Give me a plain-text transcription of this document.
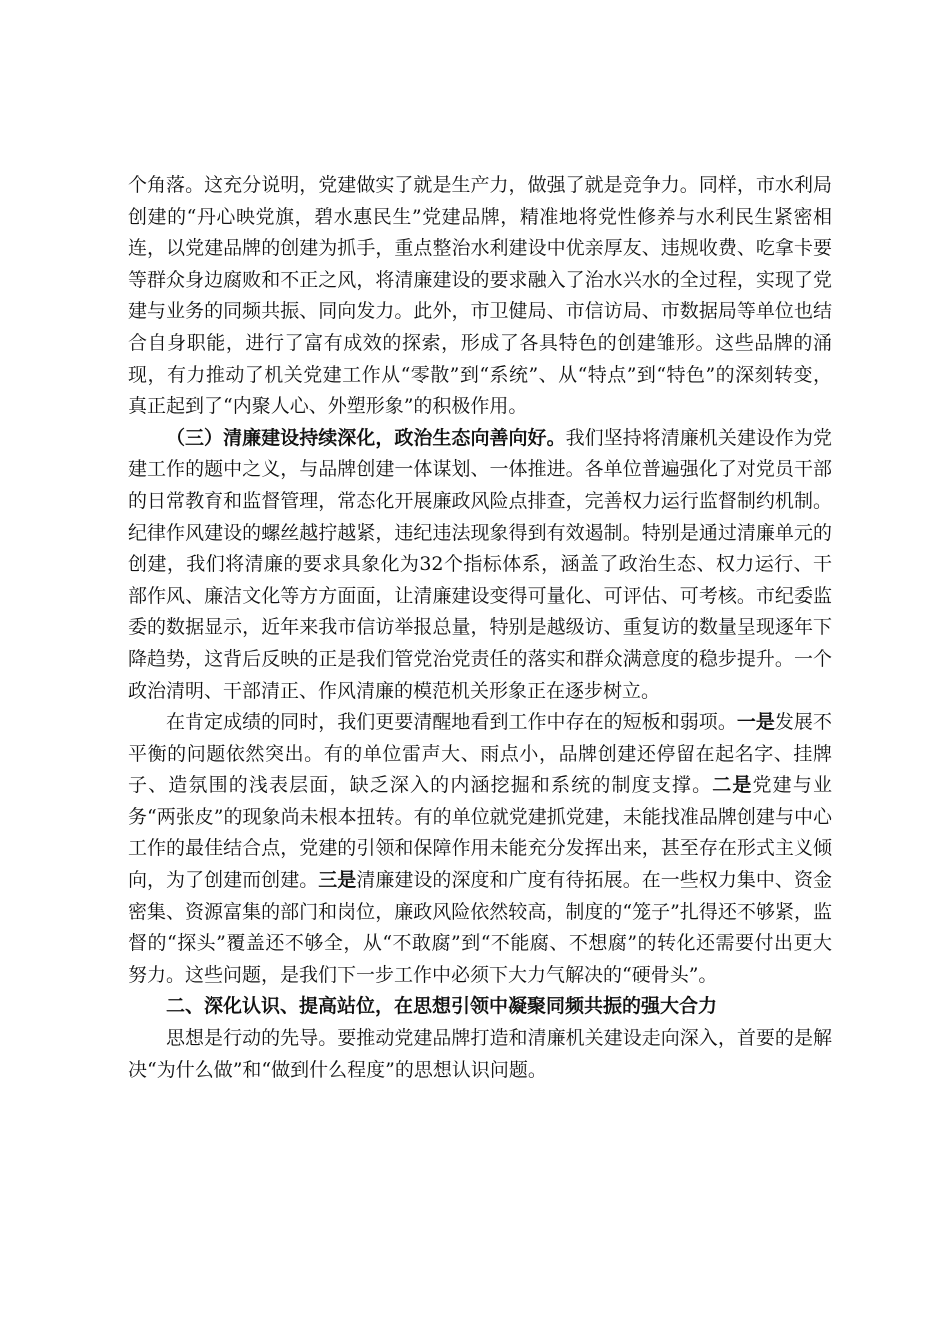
个角落。这充分说明，党建做实了就是生产力，做强了就是竞争力。同样，市水利局创建的“丹心映党旗，碧水惠民生”党建品牌，精准地将党性修养与水利民生紧密相连，以党建品牌的创建为抓手，重点整治水利建设中优亲厚友、违规收费、吃拿卡要等群众身边腐败和不正之风，将清廉建设的要求融入了治水兴水的全过程，实现了党建与业务的同频共振、同向发力。此外，市卫健局、市信访局、市数据局等单位也结合自身职能，进行了富有成效的探索，形成了各具特色的创建雏形。这些品牌的涌现，有力推动了机关党建工作从“零散”到“系统”、从“特点”到“特色”的深刻转变，真正起到了“内聚人心、外塑形象”的积极作用。

（三）清廉建设持续深化，政治生态向善向好。我们坚持将清廉机关建设作为党建工作的题中之义，与品牌创建一体谋划、一体推进。各单位普遍强化了对党员干部的日常教育和监督管理，常态化开展廉政风险点排查，完善权力运行监督制约机制。纪律作风建设的螺丝越拧越紧，违纪违法现象得到有效遏制。特别是通过清廉单元的创建，我们将清廉的要求具象化为32个指标体系，涵盖了政治生态、权力运行、干部作风、廉洁文化等方方面面，让清廉建设变得可量化、可评估、可考核。市纪委监委的数据显示，近年来我市信访举报总量，特别是越级访、重复访的数量呈现逐年下降趋势，这背后反映的正是我们管党治党责任的落实和群众满意度的稳步提升。一个政治清明、干部清正、作风清廉的模范机关形象正在逐步树立。

在肯定成绩的同时，我们更要清醒地看到工作中存在的短板和弱项。一是发展不平衡的问题依然突出。有的单位雷声大、雨点小，品牌创建还停留在起名字、挂牌子、造氛围的浅表层面，缺乏深入的内涵挖掘和系统的制度支撑。二是党建与业务“两张皮”的现象尚未根本扭转。有的单位就党建抓党建，未能找准品牌创建与中心工作的最佳结合点，党建的引领和保障作用未能充分发挥出来，甚至存在形式主义倾向，为了创建而创建。三是清廉建设的深度和广度有待拓展。在一些权力集中、资金密集、资源富集的部门和岗位，廉政风险依然较高，制度的“笼子”扎得还不够紧，监督的“探头”覆盖还不够全，从“不敢腐”到“不能腐、不想腐”的转化还需要付出更大努力。这些问题，是我们下一步工作中必须下大力气解决的“硬骨头”。

二、深化认识、提高站位，在思想引领中凝聚同频共振的强大合力

思想是行动的先导。要推动党建品牌打造和清廉机关建设走向深入，首要的是解决“为什么做”和“做到什么程度”的思想认识问题。
